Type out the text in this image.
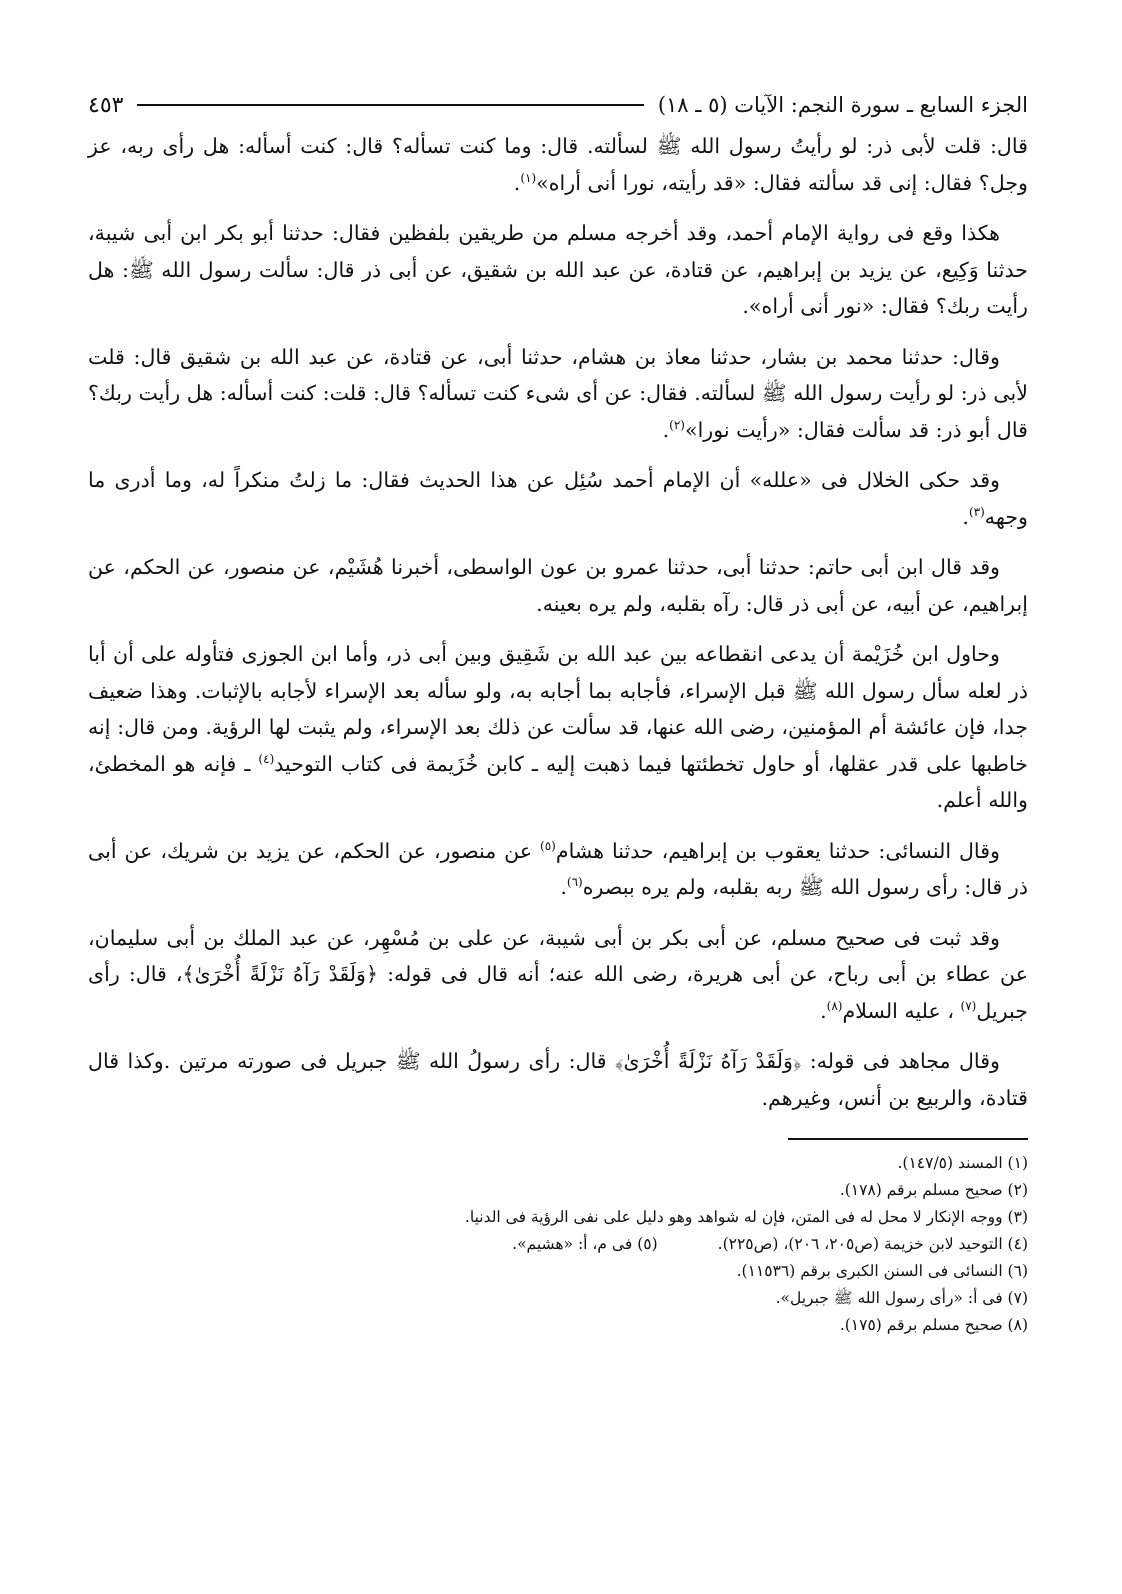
الجزء السابع ـ سورة النجم: الآيات (٥ ـ ١٨)
٤٥٣

قال: قلت لأبى ذر: لو رأيتُ رسول الله ﷺ لسألته. قال: وما كنت تسأله؟ قال: كنت أسأله: هل رأى ربه، عز وجل؟ فقال: إنى قد سألته فقال: «قد رأيته، نورا أنى أراه»$^{(١)}$.

هكذا وقع فى رواية الإمام أحمد، وقد أخرجه مسلم من طريقين بلفظين فقال: حدثنا أبو بكر ابن أبى شيبة، حدثنا وَكِيع، عن يزيد بن إبراهيم، عن قتادة، عن عبد الله بن شقيق، عن أبى ذر قال: سألت رسول الله ﷺ: هل رأيت ربك؟ فقال: «نور أنى أراه».

وقال: حدثنا محمد بن بشار، حدثنا معاذ بن هشام، حدثنا أبى، عن قتادة، عن عبد الله بن شقيق قال: قلت لأبى ذر: لو رأيت رسول الله ﷺ لسألته. فقال: عن أى شىء كنت تسأله؟ قال: قلت: كنت أسأله: هل رأيت ربك؟ قال أبو ذر: قد سألت فقال: «رأيت نورا»$^{(٢)}$.

وقد حكى الخلال فى «علله» أن الإمام أحمد سُئِل عن هذا الحديث فقال: ما زلتُ منكراً له، وما أدرى ما وجهه$^{(٣)}$.

وقد قال ابن أبى حاتم: حدثنا أبى، حدثنا عمرو بن عون الواسطى، أخبرنا هُشَيْم، عن منصور، عن الحكم، عن إبراهيم، عن أبيه، عن أبى ذر قال: رآه بقلبه، ولم يره بعينه.

وحاول ابن خُزَيْمة أن يدعى انقطاعه بين عبد الله بن شَقِيق وبين أبى ذر، وأما ابن الجوزى فتأوله على أن أبا ذر لعله سأل رسول الله ﷺ قبل الإسراء، فأجابه بما أجابه به، ولو سأله بعد الإسراء لأجابه بالإثبات. وهذا ضعيف جدا، فإن عائشة أم المؤمنين، رضى الله عنها، قد سألت عن ذلك بعد الإسراء، ولم يثبت لها الرؤية. ومن قال: إنه خاطبها على قدر عقلها، أو حاول تخطئتها فيما ذهبت إليه ـ كابن خُزَيمة فى كتاب التوحيد$^{(٤)}$ ـ فإنه هو المخطئ، والله أعلم.

وقال النسائى: حدثنا يعقوب بن إبراهيم، حدثنا هشام$^{(٥)}$ عن منصور، عن الحكم، عن يزيد بن شريك، عن أبى ذر قال: رأى رسول الله ﷺ ربه بقلبه، ولم يره ببصره$^{(٦)}$.

وقد ثبت فى صحيح مسلم، عن أبى بكر بن أبى شيبة، عن على بن مُسْهِر، عن عبد الملك بن أبى سليمان، عن عطاء بن أبى رباح، عن أبى هريرة، رضى الله عنه؛ أنه قال فى قوله: ﴿وَلَقَدْ رَآهُ نَزْلَةً أُخْرَىٰ﴾، قال: رأى جبريل$^{(٧)}$ ، عليه السلام$^{(٨)}$.

وقال مجاهد فى قوله: ﴿وَلَقَدْ رَآهُ نَزْلَةً أُخْرَىٰ﴾ قال: رأى رسولُ الله ﷺ جبريل فى صورته مرتين .وكذا قال قتادة، والربيع بن أنس، وغيرهم.

(١) المسند (١٤٧/٥).

(٢) صحيح مسلم برقم (١٧٨).

(٣) ووجه الإنكار لا محل له فى المتن، فإن له شواهد وهو دليل على نفى الرؤية فى الدنيا.

(٤) التوحيد لابن خزيمة (ص٢٠٥، ٢٠٦)، (ص٢٢٥).

(٥) فى م، أ: «هشيم».

(٦) النسائى فى السنن الكبرى برقم (١١٥٣٦).

(٧) فى أ: «رأى رسول الله ﷺ جبريل».

(٨) صحيح مسلم برقم (١٧٥).
